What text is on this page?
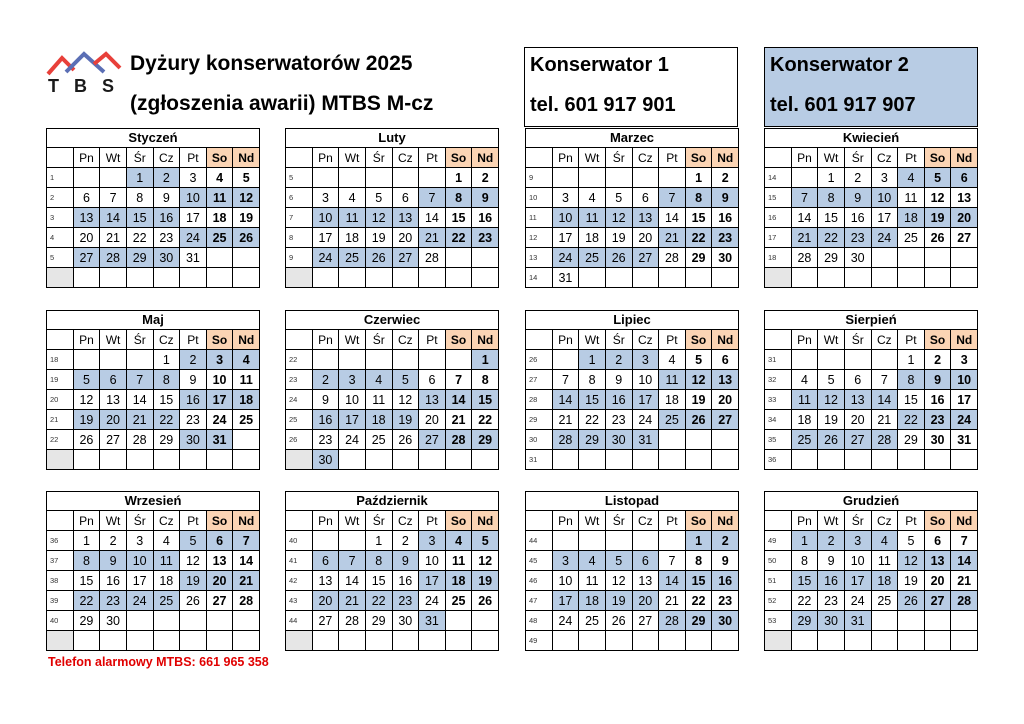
TBS
Dyżury konserwatorów 2025
(zgłoszenia awarii) MTBS M-cz
Konserwator 1
tel. 601 917 901
Konserwator 2
tel. 601 917 907
Styczeń							
	Pn	Wt	Śr	Cz	Pt	So	Nd
1			1	2	3	4	5
2	6	7	8	9	10	11	12
3	13	14	15	16	17	18	19
4	20	21	22	23	24	25	26
5	27	28	29	30	31		

Luty							
	Pn	Wt	Śr	Cz	Pt	So	Nd
5						1	2
6	3	4	5	6	7	8	9
7	10	11	12	13	14	15	16
8	17	18	19	20	21	22	23
9	24	25	26	27	28		

Marzec							
	Pn	Wt	Śr	Cz	Pt	So	Nd
9						1	2
10	3	4	5	6	7	8	9
11	10	11	12	13	14	15	16
12	17	18	19	20	21	22	23
13	24	25	26	27	28	29	30
14	31						
Kwiecień							
	Pn	Wt	Śr	Cz	Pt	So	Nd
14		1	2	3	4	5	6
15	7	8	9	10	11	12	13
16	14	15	16	17	18	19	20
17	21	22	23	24	25	26	27
18	28	29	30				

Maj							
	Pn	Wt	Śr	Cz	Pt	So	Nd
18				1	2	3	4
19	5	6	7	8	9	10	11
20	12	13	14	15	16	17	18
21	19	20	21	22	23	24	25
22	26	27	28	29	30	31	

Czerwiec							
	Pn	Wt	Śr	Cz	Pt	So	Nd
22							1
23	2	3	4	5	6	7	8
24	9	10	11	12	13	14	15
25	16	17	18	19	20	21	22
26	23	24	25	26	27	28	29
	30						
Lipiec							
	Pn	Wt	Śr	Cz	Pt	So	Nd
26		1	2	3	4	5	6
27	7	8	9	10	11	12	13
28	14	15	16	17	18	19	20
29	21	22	23	24	25	26	27
30	28	29	30	31			
31							
Sierpień							
	Pn	Wt	Śr	Cz	Pt	So	Nd
31					1	2	3
32	4	5	6	7	8	9	10
33	11	12	13	14	15	16	17
34	18	19	20	21	22	23	24
35	25	26	27	28	29	30	31
36							
Wrzesień							
	Pn	Wt	Śr	Cz	Pt	So	Nd
36	1	2	3	4	5	6	7
37	8	9	10	11	12	13	14
38	15	16	17	18	19	20	21
39	22	23	24	25	26	27	28
40	29	30					

Październik							
	Pn	Wt	Śr	Cz	Pt	So	Nd
40			1	2	3	4	5
41	6	7	8	9	10	11	12
42	13	14	15	16	17	18	19
43	20	21	22	23	24	25	26
44	27	28	29	30	31		

Listopad							
	Pn	Wt	Śr	Cz	Pt	So	Nd
44						1	2
45	3	4	5	6	7	8	9
46	10	11	12	13	14	15	16
47	17	18	19	20	21	22	23
48	24	25	26	27	28	29	30
49							
Grudzień							
	Pn	Wt	Śr	Cz	Pt	So	Nd
49	1	2	3	4	5	6	7
50	8	9	10	11	12	13	14
51	15	16	17	18	19	20	21
52	22	23	24	25	26	27	28
53	29	30	31				

Telefon alarmowy MTBS: 661 965 358
